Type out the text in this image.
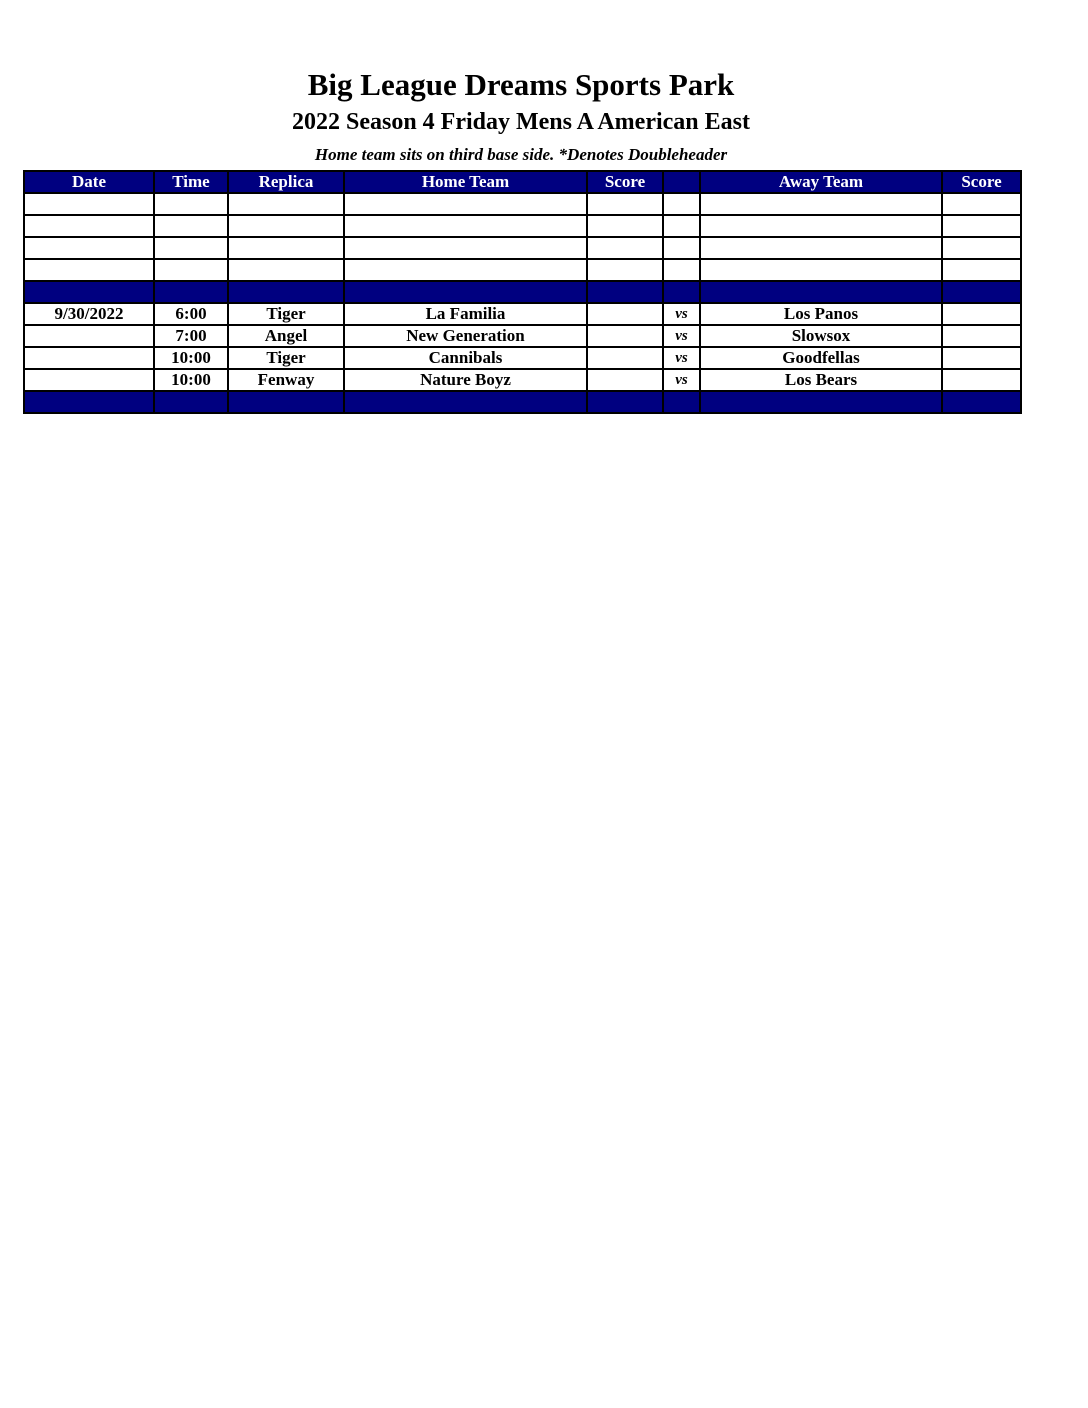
Big League Dreams Sports Park
2022 Season 4 Friday Mens A American East
Home team sits on third base side. *Denotes Doubleheader
Date	Time	Replica	Home Team	Score		Away Team	Score

9/30/2022	6:00	Tiger	La Familia		vs	Los Panos	
	7:00	Angel	New Generation		vs	Slowsox	
	10:00	Tiger	Cannibals		vs	Goodfellas	
	10:00	Fenway	Nature Boyz		vs	Los Bears	
